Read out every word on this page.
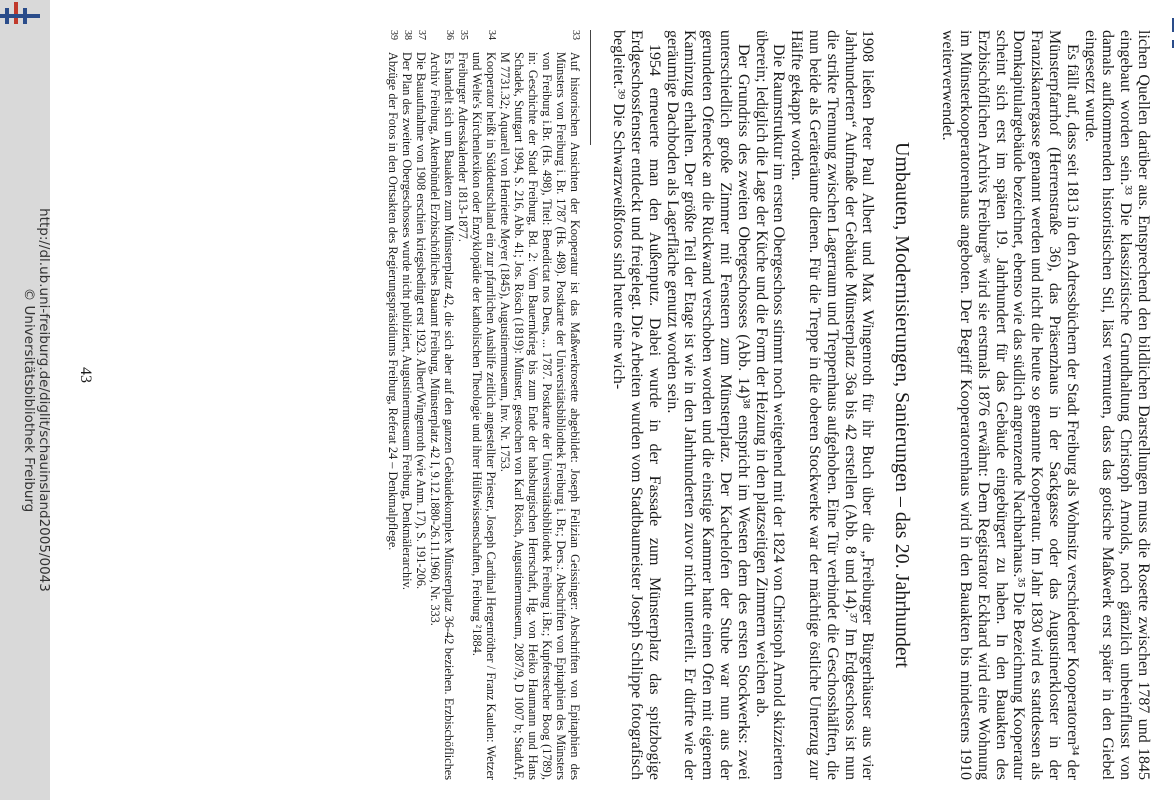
http://dl.ub.uni-freiburg.de/diglit/schauinsland2005/0043
© Universitätsbibliothek Freiburg	lichen Quellen darüber aus. Entsprechend den bildlichen Darstellungen muss die Rosette zwischen 1787 und 1845 eingebaut worden sein.³³ Die klassizistische Grundhaltung Christoph Arnolds, noch gänzlich unbeeinflusst von damals aufkommenden historistischen Stil, lässt vermuten, dass das gotische Maßwerk erst später in den Giebel eingesetzt wurde.

Es fällt auf, dass seit 1813 in den Adressbüchern der Stadt Freiburg als Wohnsitz verschiedener Kooperatoren³⁴ der Münsterpfarrhof (Herrenstraße 36), das Präsenzhaus in der Sackgasse oder das Augustinerkloster in der Franziskanergasse genannt werden und nicht die heute so genannte Kooperatur. Im Jahr 1830 wird es stattdessen als Domkapitulargebäude bezeichnet, ebenso wie das südlich angrenzende Nachbarhaus.³⁵ Die Bezeichnung Kooperatur scheint sich erst im späten 19. Jahrhundert für das Gebäude eingebürgert zu haben. In den Bauakten des Erzbischöflichen Archivs Freiburg³⁶ wird sie erstmals 1876 erwähnt: Dem Registrator Eckhard wird eine Wohnung im Münsterkooperatorenhaus angeboten. Der Begriff Kooperatorenhaus wird in den Bauakten bis mindestens 1910 weiterverwendet.

Umbauten, Modernisierungen, Sanierungen – das 20. Jahrhundert

1908 ließen Peter Paul Albert und Max Wingenroth für ihr Buch über die „Freiburger Bürgerhäuser aus vier Jahrhunderten“ Aufmaße der Gebäude Münsterplatz 36a bis 42 erstellen (Abb. 8 und 14).³⁷ Im Erdgeschoss ist nun die strikte Trennung zwischen Lagerraum und Treppenhaus aufgehoben. Eine Tür verbindet die Geschosshälften, die nun beide als Geräteräume dienen. Für die Treppe in die oberen Stockwerke war der mächtige östliche Unterzug zur Hälfte gekappt worden.

Die Raumstruktur im ersten Obergeschoss stimmt noch weitgehend mit der 1824 von Christoph Arnold skizzierten überein; lediglich die Lage der Küche und die Form der Heizung in den platzseitigen Zimmern weichen ab.

Der Grundriss des zweiten Obergeschosses (Abb. 14)³⁸ entspricht im Westen dem des ersten Stockwerks: zwei unterschiedlich große Zimmer mit Fenstern zum Münsterplatz. Der Kachelofen der Stube war nun aus der gerundeten Ofenecke an die Rückwand verschoben worden und die einstige Kammer hatte einen Ofen mit eigenem Kaminzug erhalten. Der größte Teil der Etage ist wie in den Jahrhunderten zuvor nicht unterteilt. Er dürfte wie der geräumige Dachboden als Lagerfläche genutzt worden sein.

1954 erneuerte man den Außenputz. Dabei wurde in der Fassade zum Münsterplatz das spitzbogige Erdgeschossfenster entdeckt und freigelegt. Die Arbeiten wurden vom Stadtbaumeister Joseph Schlippe fotografisch begleitet.³⁹ Die Schwarzweißfotos sind heute eine wich-

33Auf historischen Ansichten der Kooperatur ist das Maßwerkrosette abgebildet: Joseph Felizian Geissinger: Abschriften von Epitaphien des Münsters von Freiburg i. Br. 1787 (Hs. 498). Postkarte der Universitätsbibliothek Freiburg i. Br.; Ders.: Abschriften von Epitaphien des Münsters von Freiburg i.Br. (Hs. 498), Titel: Benedictat nos Deus, ... 1787. Postkarte der Universitätsbibliothek Freiburg i.Br.; Kupferstecher Boog (1789), in: Geschichte der Stadt Freiburg, Bd. 2: Vom Bauernkrieg bis zum Ende der habsburgischen Herrschaft, Hg. von Heiko Haumann und Hans Schadek, Stuttgart 1994, S. 216, Abb. 41; Jos. Rösch (1819): Münster, gestochen von Karl Rösch, Augustinermuseum, 2087/9, D 1007 b; StadtAF, M 7731.32; Aquarell von Henriette Meyer (1845), Augustinermuseum, Inv. Nr. 1753.
34Kooperator heißt in Süddeutschland ein zur pfarrlichen Aushilfe zeitlich angestellter Priester, Joseph Cardinal Hergenröther / Franz Kaulen: Wetzer und Welte's Kirchenlexikon oder Enzyklopädie der katholischen Theologie und ihrer Hülfswissenschaften, Freiburg ²1884.
35Freiburger Adresskalender 1813-1877.
36Es handelt sich um Bauakten zum Münsterplatz 42, die sich aber auf den ganzen Gebäudekomplex Münsterplatz 36-42 beziehen. Erzbischöfliches Archiv Freiburg, Aktenbündel Erzbischöfliches Bauamt Freiburg, Münsterplatz 42 I, 9.12.1880-26.11.1960, Nr. 333.
37Die Bauaufnahme von 1908 erschien kriegsbedingt erst 1923. Albert/Wingenroth (wie Anm. 17), S. 191-206.
38Der Plan des zweiten Obergeschosses wurde nicht publiziert, Augustinermuseum Freiburg, Denkmälerarchiv.
39Abzüge der Fotos in den Ortsakten des Regierungspräsidiums Freiburg, Referat 24 – Denkmalpflege.
43
